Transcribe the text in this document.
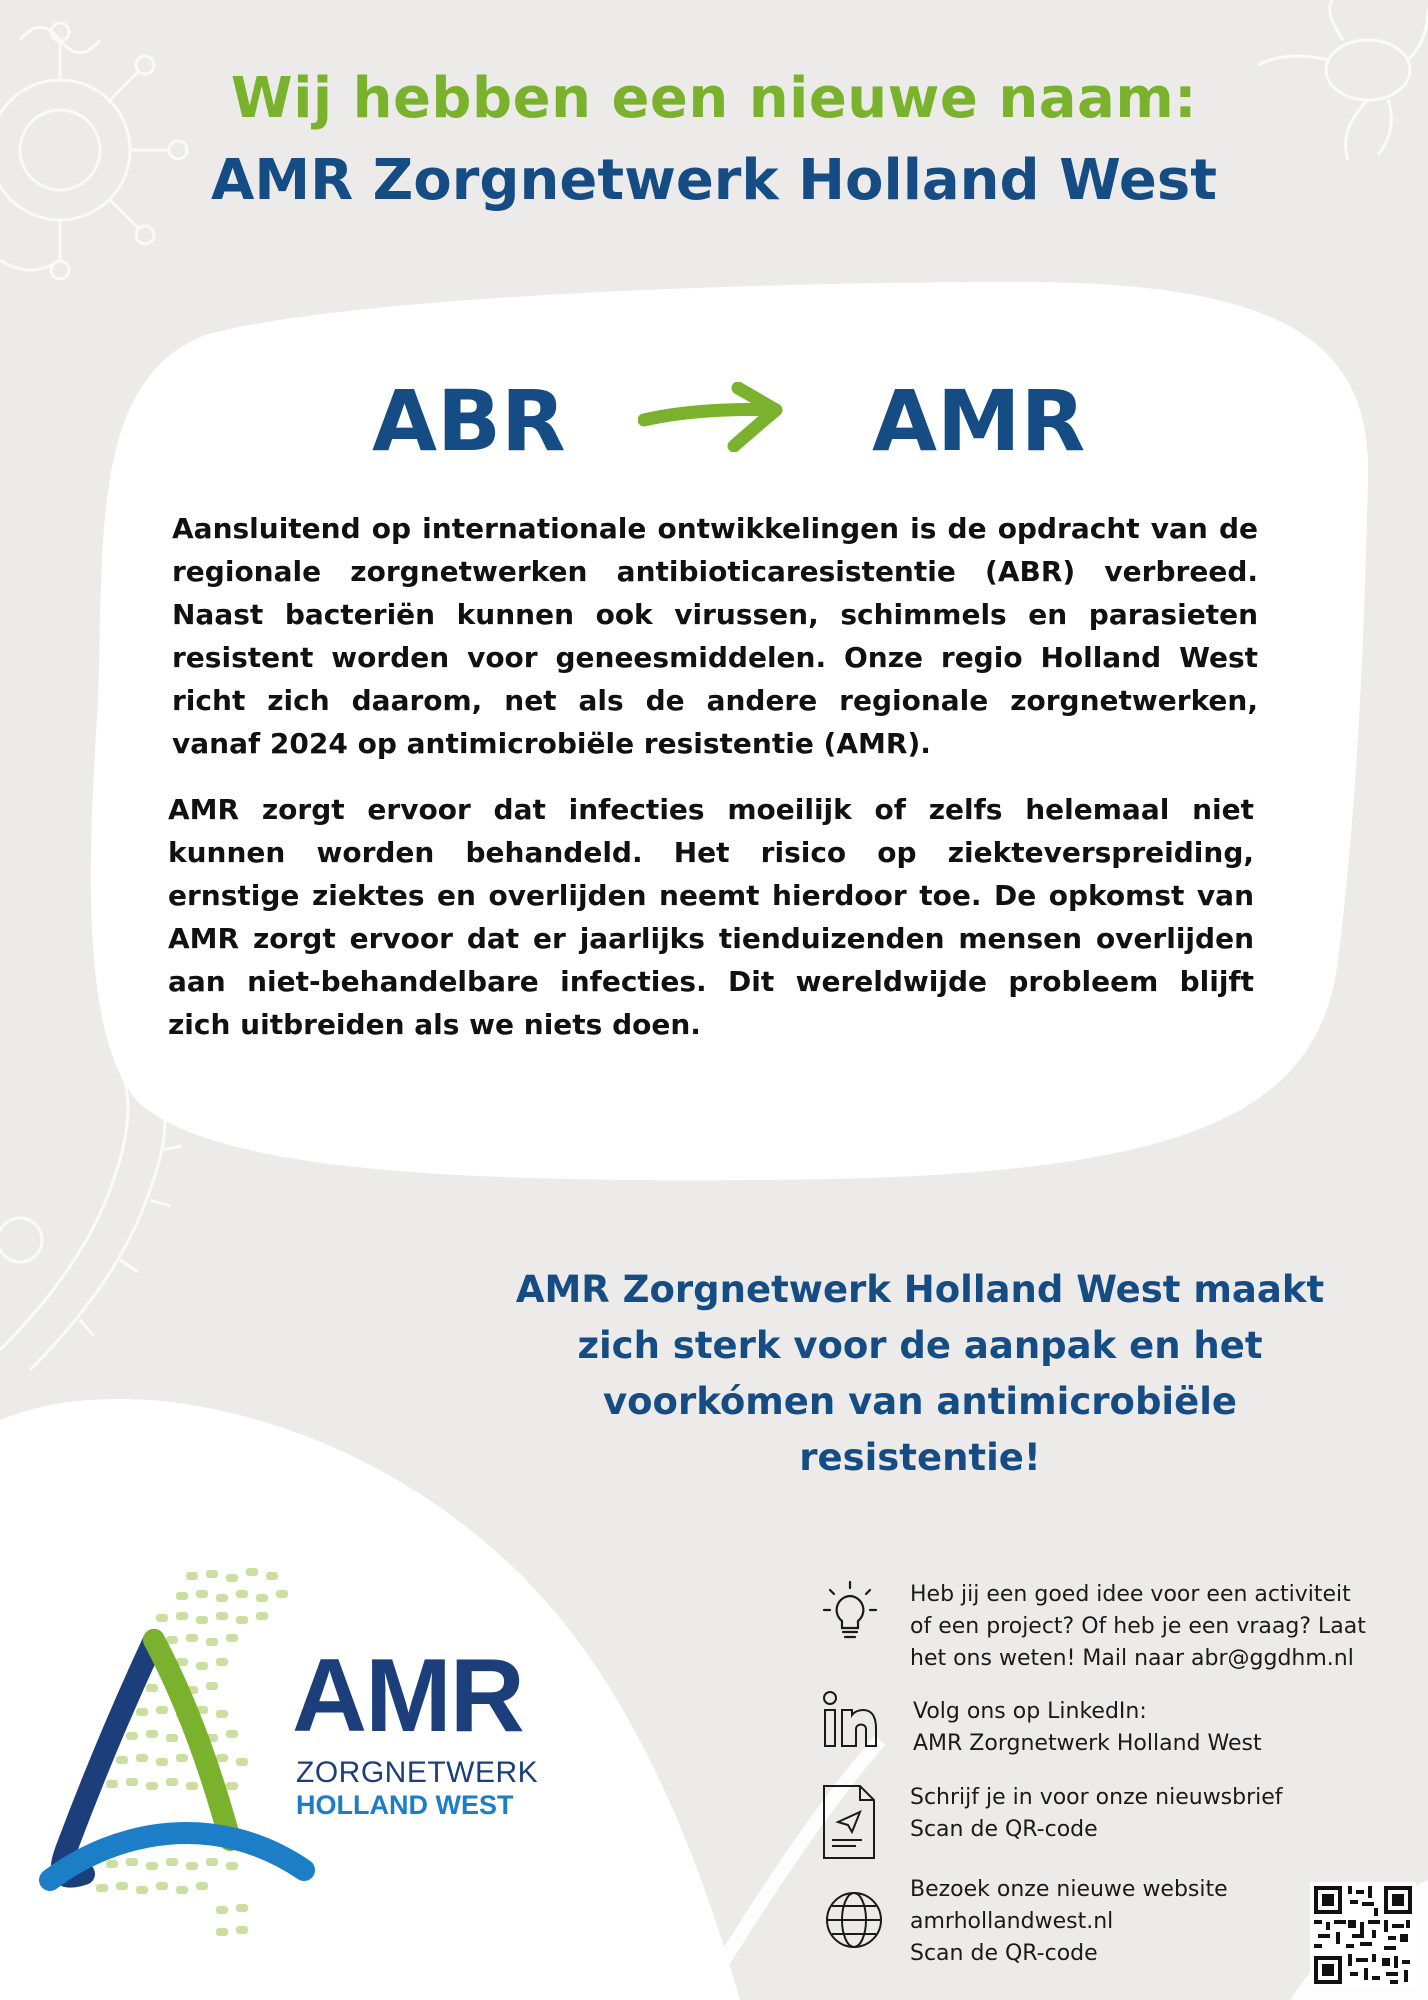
Wij hebben een nieuwe naam:
AMR Zorgnetwerk Holland West
ABR	AMR

Aansluitend op internationale ontwikkelingen is de opdracht van de regionale zorgnetwerken antibioticaresistentie (ABR) verbreed. Naast bacteriën kunnen ook virussen, schimmels en parasieten resistent worden voor geneesmiddelen. Onze regio Holland West richt zich daarom, net als de andere regionale zorgnetwerken, vanaf 2024 op antimicrobiële resistentie (AMR).

AMR zorgt ervoor dat infecties moeilijk of zelfs helemaal niet kunnen worden behandeld. Het risico op ziekteverspreiding, ernstige ziektes en overlijden neemt hierdoor toe. De opkomst van AMR zorgt ervoor dat er jaarlijks tienduizenden mensen overlijden aan niet-behandelbare infecties. Dit wereldwijde probleem blijft zich uitbreiden als we niets doen.

AMR Zorgnetwerk Holland West maakt
zich sterk voor de aanpak en het
voorkómen van antimicrobiële resistentie!
AMR
ZORGNETWERK
HOLLAND WEST
Heb jij een goed idee voor een activiteit
of een project? Of heb je een vraag? Laat
het ons weten! Mail naar abr@ggdhm.nl
Volg ons op LinkedIn:
AMR Zorgnetwerk Holland West
Schrijf je in voor onze nieuwsbrief
Scan de QR-code
Bezoek onze nieuwe website
amrhollandwest.nl
Scan de QR-code
